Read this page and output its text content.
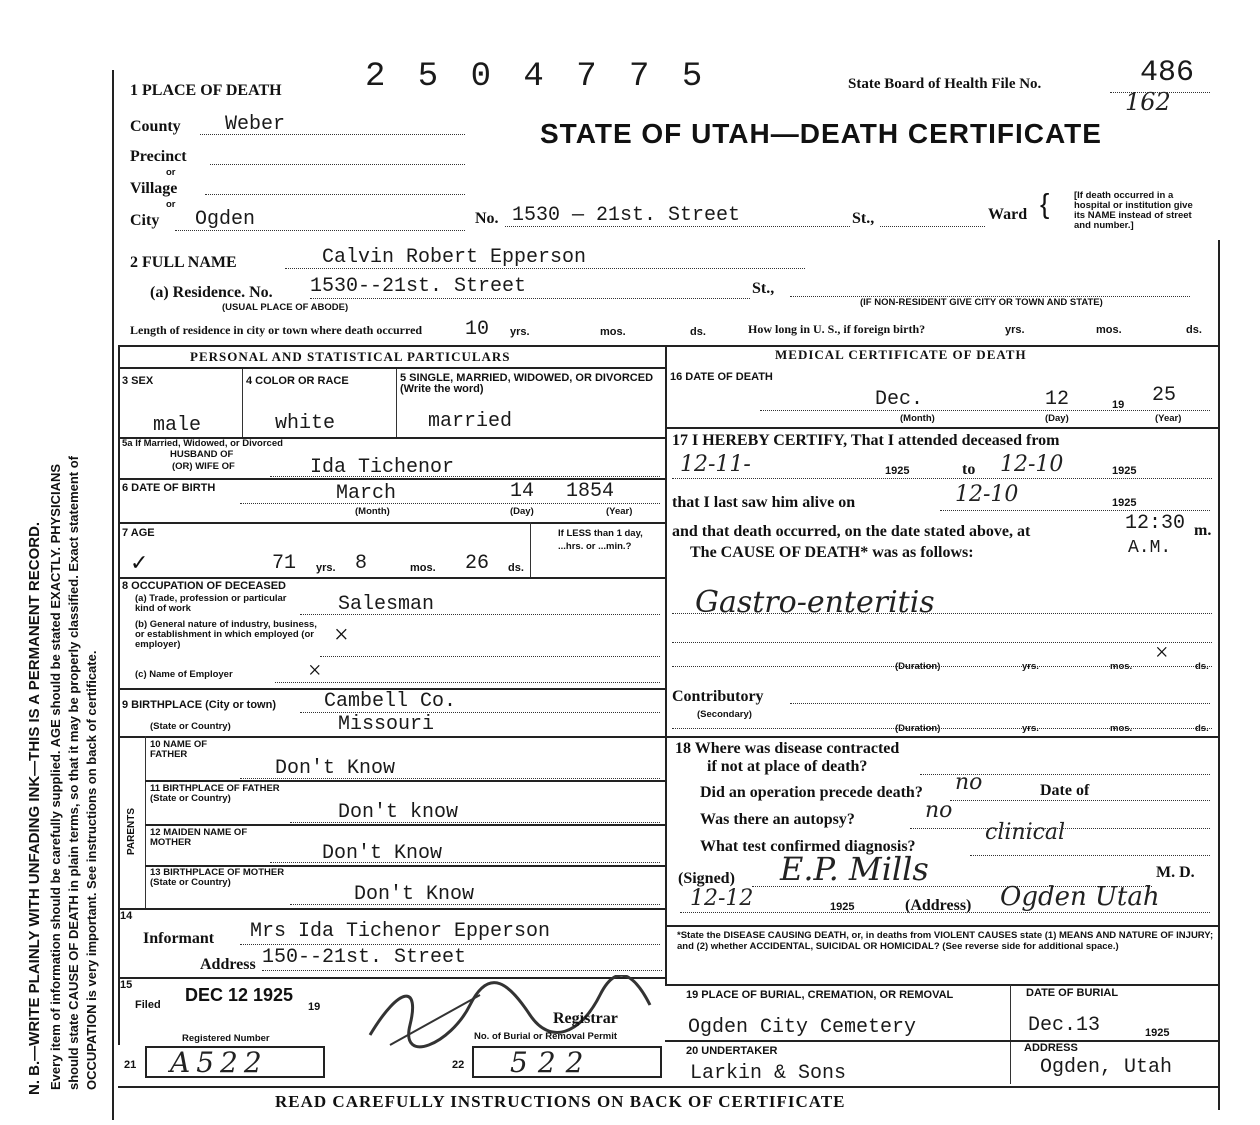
N. B.—WRITE PLAINLY WITH UNFADING INK—THIS IS A PERMANENT RECORD. Every item of information should be carefully supplied. AGE should be stated EXACTLY. PHYSICIANS should state CAUSE OF DEATH in plain terms, so that it may be properly classified. Exact statement of OCCUPATION is very important. See instructions on back of certificate.
1 PLACE OF DEATH 2 5 0 4 7 7 5	State Board of Health File No.	486
162
STATE OF UTAH—DEATH CERTIFICATE
County Weber
Precinct
or
Village
or
City Ogden	No. 1530 — 21st. Street	St.,	Ward {	[If death occurred in a hospital or institution give its NAME instead of street and number.]
2 FULL NAME	Calvin Robert Epperson
(a) Residence. No. 1530--21st. Street	St.,
(USUAL PLACE OF ABODE)	(IF NON-RESIDENT GIVE CITY OR TOWN AND STATE)
Length of residence in city or town where death occurred 10 yrs.	mos.	ds.	How long in U. S., if foreign birth?	yrs.	mos.	ds.
PERSONAL AND STATISTICAL PARTICULARS	MEDICAL CERTIFICATE OF DEATH
3 SEX
male
4 COLOR OR RACE
white
5 SINGLE, MARRIED, WIDOWED, OR DIVORCED (Write the word)
married
5a If Married, Widowed, or Divorced
HUSBAND OF
(OR) WIFE OF	Ida Tichenor
6 DATE OF BIRTH	March	14 1854
(Month)	(Day)	(Year)
7 AGE
✓	71 yrs. 8	mos. 26 ds.
If LESS than 1 day, ...hrs. or ...min.?
8 OCCUPATION OF DECEASED
(a) Trade, profession or particular kind of work	Salesman
(b) General nature of industry, business, or establishment in which employed (or employer)	×
(c) Name of Employer	×
9 BIRTHPLACE (City or town) Cambell Co.
(State or Country)	Missouri
PARENTS
10 NAME OF FATHER
Don't Know
11 BIRTHPLACE OF FATHER (State or Country)
Don't know
12 MAIDEN NAME OF MOTHER	Don't Know
13 BIRTHPLACE OF MOTHER (State or Country)
Don't Know
14
Informant Mrs Ida Tichenor Epperson
Address 150--21st. Street
15
Filed DEC 12 1925
19
Registrar
Registered Number
21 A522
No. of Burial or Removal Permit
22 522
16 DATE OF DEATH
Dec.	12	19 25
(Month)	(Day)	(Year)
17 I HEREBY CERTIFY, That I attended deceased from
12-11-	1925	to 12-10	1925
that I last saw him alive on	12-10	1925
and that death occurred, on the date stated above, at	12:30 m.
A.M.
The CAUSE OF DEATH* was as follows:
Gastro-enteritis
(Duration)	yrs.	mos.
×
ds.
Contributory
(Secondary)
(Duration)	yrs.	mos.	ds.
18 Where was disease contracted
if not at place of death?
Did an operation precede death? no	Date of
Was there an autopsy?	no
What test confirmed diagnosis?
clinical
(Signed) E.P. Mills	M. D.
12-12	1925	(Address) Ogden Utah
*State the DISEASE CAUSING DEATH, or, in deaths from VIOLENT CAUSES state (1) MEANS AND NATURE OF INJURY; and (2) whether ACCIDENTAL, SUICIDAL OR HOMICIDAL? (See reverse side for additional space.)
19 PLACE OF BURIAL, CREMATION, OR REMOVAL
Ogden City Cemetery
DATE OF BURIAL
Dec.13	1925
20 UNDERTAKER
Larkin & Sons
ADDRESS
Ogden, Utah
READ CAREFULLY INSTRUCTIONS ON BACK OF CERTIFICATE
